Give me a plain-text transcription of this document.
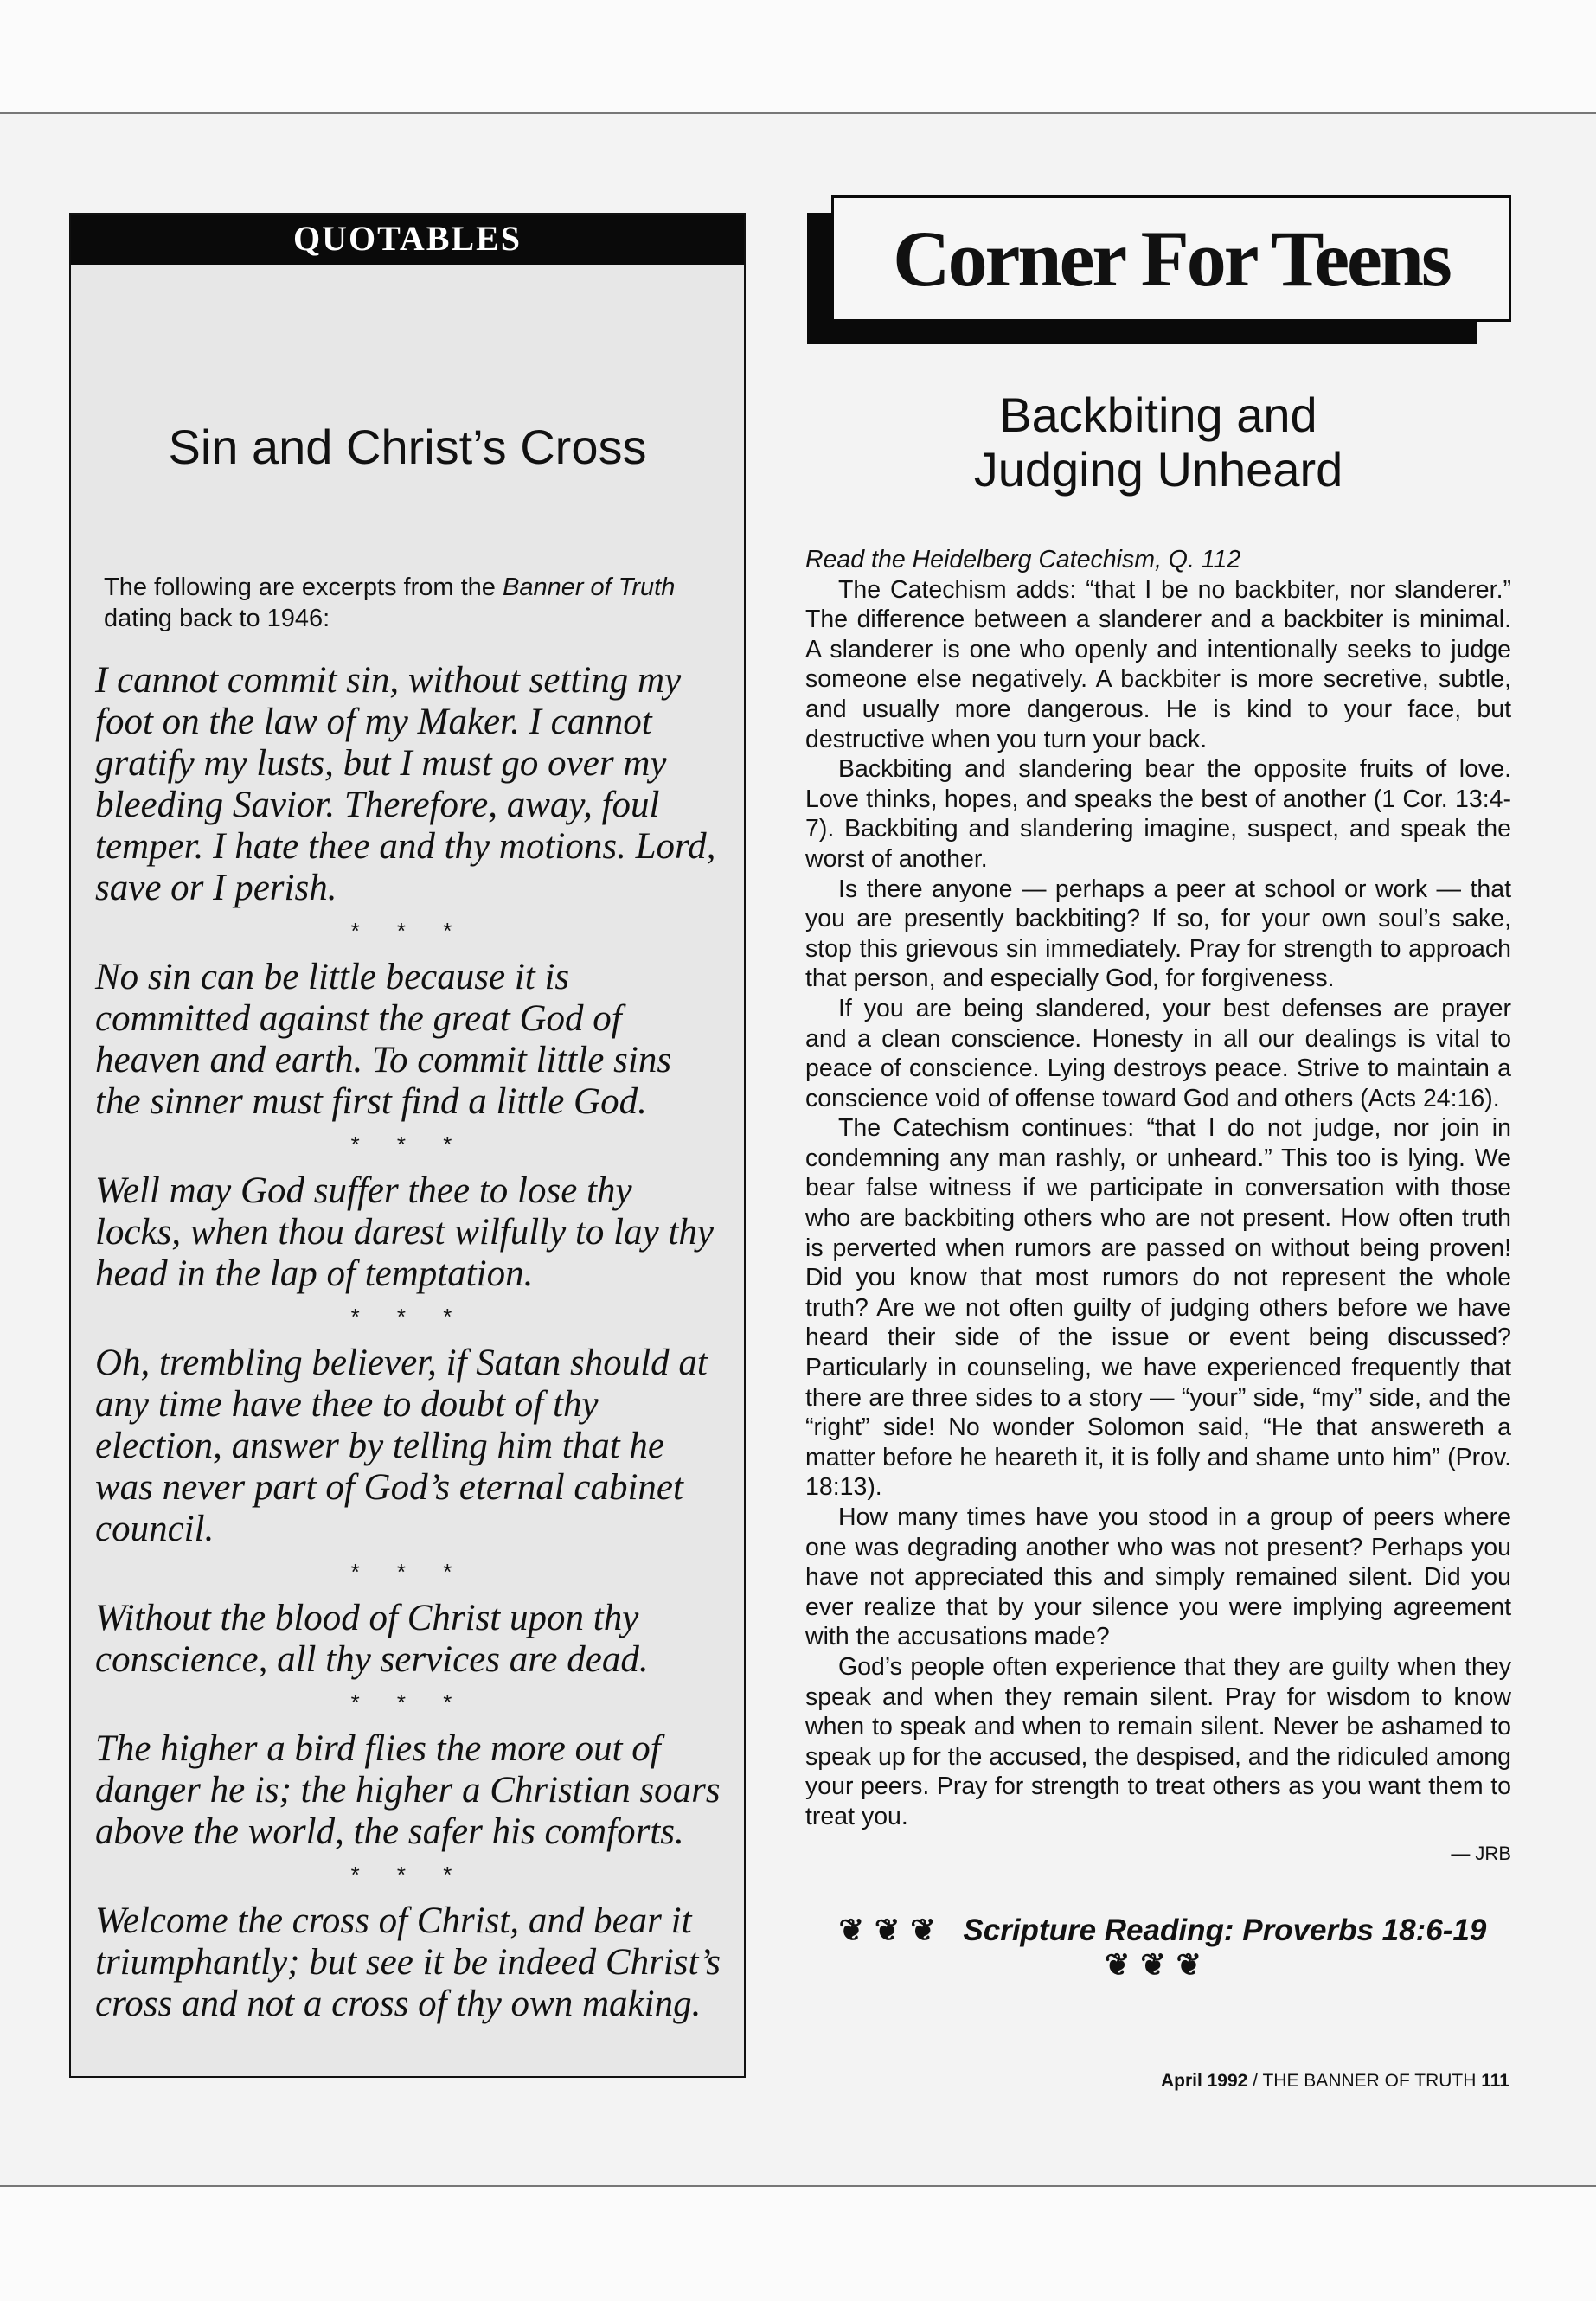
QUOTABLES
Sin and Christ’s Cross
The following are excerpts from the Banner of Truth dating back to 1946:
I cannot commit sin, without setting my foot on the law of my Maker. I cannot gratify my lusts, but I must go over my bleeding Savior. Therefore, away, foul temper. I hate thee and thy motions. Lord, save or I perish.
* * *
No sin can be little because it is committed against the great God of heaven and earth. To commit little sins the sinner must first find a little God.
* * *
Well may God suffer thee to lose thy locks, when thou darest wilfully to lay thy head in the lap of temptation.
* * *
Oh, trembling believer, if Satan should at any time have thee to doubt of thy election, answer by telling him that he was never part of God’s eternal cabinet council.
* * *
Without the blood of Christ upon thy conscience, all thy services are dead.
* * *
The higher a bird flies the more out of danger he is; the higher a Christian soars above the world, the safer his comforts.
* * *
Welcome the cross of Christ, and bear it triumphantly; but see it be indeed Christ’s cross and not a cross of thy own making.
Corner For Teens
Backbiting and
Judging Unheard
Read the Heidelberg Catechism, Q. 112

The Catechism adds: “that I be no backbiter, nor slanderer.” The difference between a slanderer and a backbiter is minimal. A slanderer is one who openly and intentionally seeks to judge someone else negatively. A backbiter is more secretive, subtle, and usually more dangerous. He is kind to your face, but destructive when you turn your back.

Backbiting and slandering bear the opposite fruits of love. Love thinks, hopes, and speaks the best of another (1 Cor. 13:4-7). Backbiting and slandering imagine, suspect, and speak the worst of another.

Is there anyone — perhaps a peer at school or work — that you are presently backbiting? If so, for your own soul’s sake, stop this grievous sin immediately. Pray for strength to approach that person, and especially God, for forgiveness.

If you are being slandered, your best defenses are prayer and a clean conscience. Honesty in all our dealings is vital to peace of conscience. Lying destroys peace. Strive to maintain a conscience void of offense toward God and others (Acts 24:16).

The Catechism continues: “that I do not judge, nor join in condemning any man rashly, or unheard.” This too is lying. We bear false witness if we participate in conversation with those who are backbiting others who are not present. How often truth is perverted when rumors are passed on without being proven! Did you know that most rumors do not represent the whole truth? Are we not often guilty of judging others before we have heard their side of the issue or event being discussed? Particularly in counseling, we have experienced frequently that there are three sides to a story — “your” side, “my” side, and the “right” side! No wonder Solomon said, “He that answereth a matter before he heareth it, it is folly and shame unto him” (Prov. 18:13).

How many times have you stood in a group of peers where one was degrading another who was not present? Perhaps you have not appreciated this and simply remained silent. Did you ever realize that by your silence you were implying agreement with the accusations made?

God’s people often experience that they are guilty when they speak and when they remain silent. Pray for wisdom to know when to speak and when to remain silent. Never be ashamed to speak up for the accused, the despised, and the ridiculed among your peers. Pray for strength to treat others as you want them to treat you.

— JRB
❦❦❦ Scripture Reading: Proverbs 18:6-19 ❦❦❦
April 1992 / THE BANNER OF TRUTH 111
